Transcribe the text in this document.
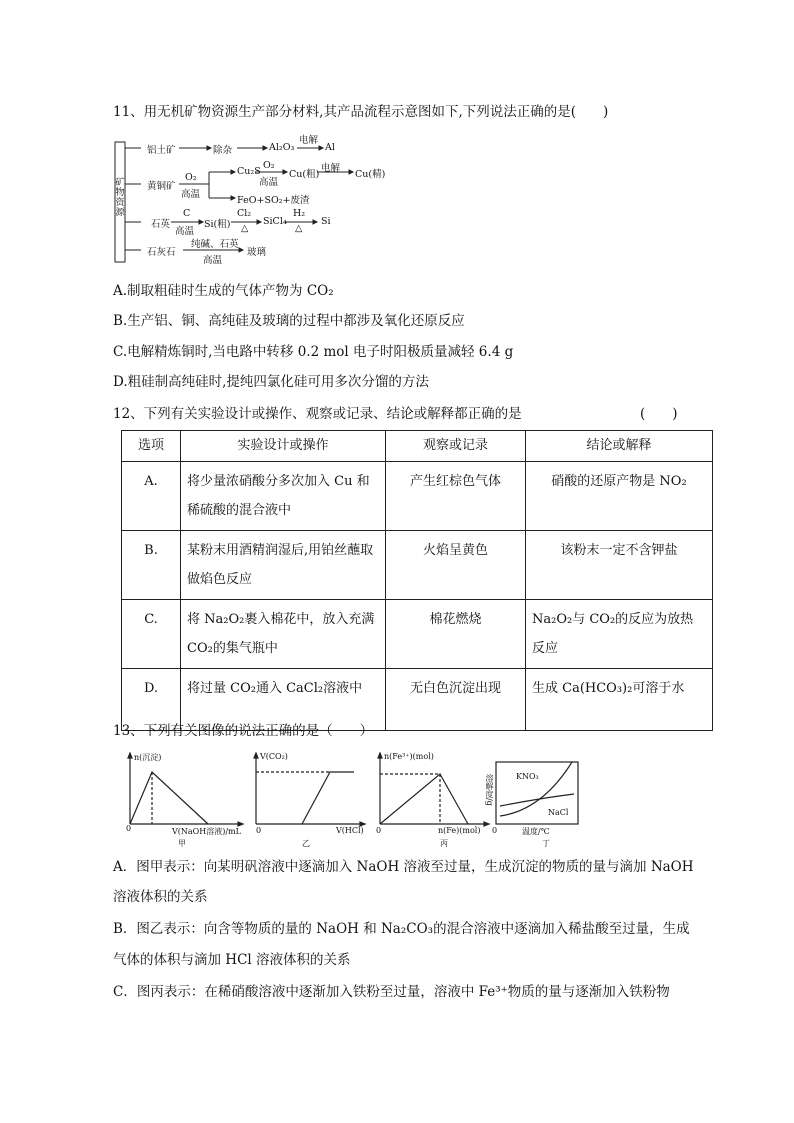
11、用无机矿物资源生产部分材料,其产品流程示意图如下,下列说法正确的是(　　)
矿物资源
铝土矿	除杂	Al₂O₃
电解
Al
黄铜矿
O₂
高温
Cu₂S
O₂
高温
Cu(粗)
电解
Cu(精)
FeO+SO₂+废渣
石英
C
高温
Si(粗)
Cl₂
△
SiCl₄
H₂
△
Si
石灰石
纯碱、石英
高温
玻璃
A.制取粗硅时生成的气体产物为 CO₂
B.生产铝、铜、高纯硅及玻璃的过程中都涉及氧化还原反应
C.电解精炼铜时,当电路中转移 0.2 mol 电子时阳极质量减轻 6.4 g
D.粗硅制高纯硅时,提纯四氯化硅可用多次分馏的方法
12、下列有关实验设计或操作、观察或记录、结论或解释都正确的是	(　　)
选项	实验设计或操作	观察或记录	结论或解释
A.	将少量浓硝酸分多次加入 Cu 和稀硫酸的混合液中	产生红棕色气体	硝酸的还原产物是 NO₂
B.	某粉末用酒精润湿后,用铂丝蘸取做焰色反应	火焰呈黄色	该粉末一定不含钾盐
C.	将 Na₂O₂裹入棉花中，放入充满 CO₂的集气瓶中	棉花燃烧	Na₂O₂与 CO₂的反应为放热反应
D.	将过量 CO₂通入 CaCl₂溶液中	无白色沉淀出现	生成 Ca(HCO₃)₂可溶于水
13、下列有关图像的说法正确的是（　　）
n(沉淀)
V(NaOH溶液)/mL
0
甲
V(CO₂)
V(HCl)
0
乙
n(Fe³⁺)(mol)
n(Fe)(mol)
0
丙
溶解度/g
温度/℃
0
KNO₃
NaCl
丁
A．图甲表示：向某明矾溶液中逐滴加入 NaOH 溶液至过量，生成沉淀的物质的量与滴加 NaOH
溶液体积的关系
B．图乙表示：向含等物质的量的 NaOH 和 Na₂CO₃的混合溶液中逐滴加入稀盐酸至过量，生成
气体的体积与滴加 HCl 溶液体积的关系
C．图丙表示：在稀硝酸溶液中逐渐加入铁粉至过量，溶液中 Fe³⁺物质的量与逐渐加入铁粉物
